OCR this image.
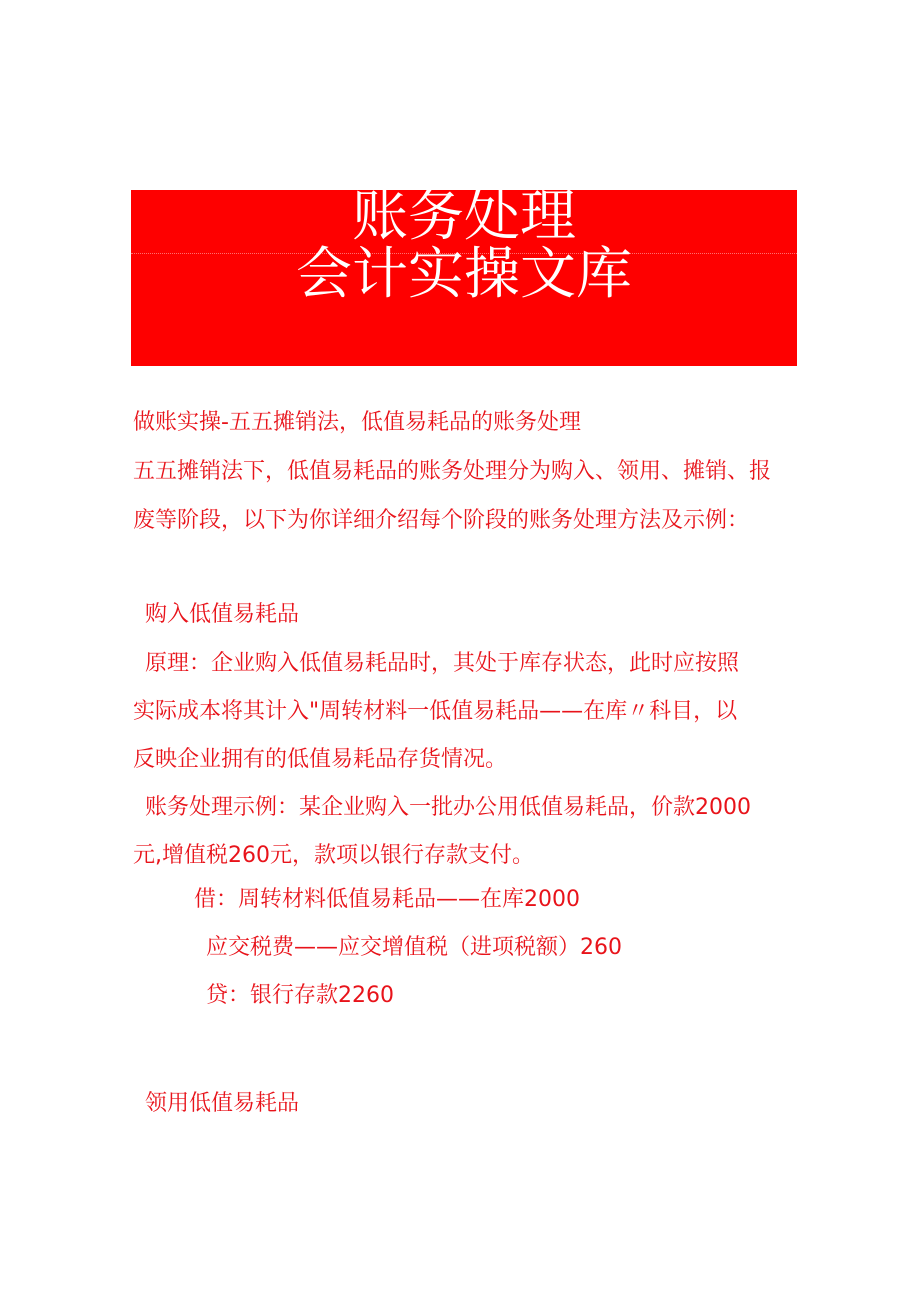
账务处理
会计实操文库
做账实操-五五摊销法，低值易耗品的账务处理
五五摊销法下，低值易耗品的账务处理分为购入、领用、摊销、报
废等阶段，以下为你详细介绍每个阶段的账务处理方法及示例：
购入低值易耗品
原理：企业购入低值易耗品时，其处于库存状态，此时应按照
实际成本将其计入"周转材料一低值易耗品——在库〃科目，以
反映企业拥有的低值易耗品存货情况。
账务处理示例：某企业购入一批办公用低值易耗品，价款2000
元,增值税260元，款项以银行存款支付。
借：周转材料低值易耗品——在库2000
应交税费——应交增值税（进项税额）260
贷：银行存款2260
领用低值易耗品
